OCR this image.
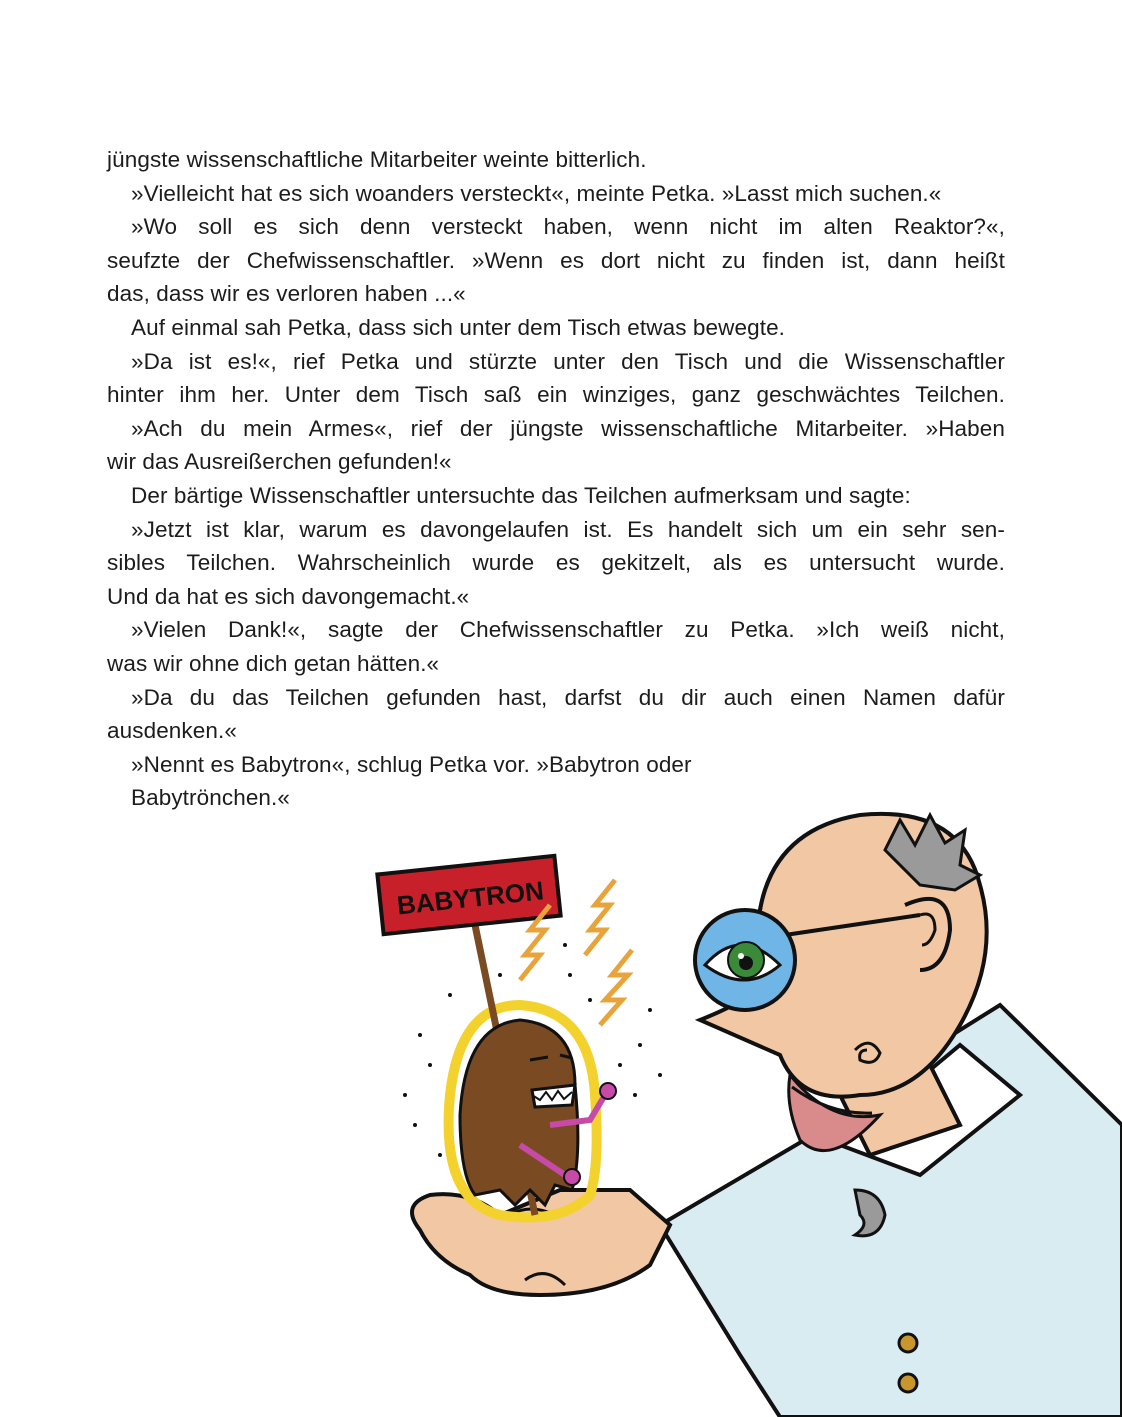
jüngste wissenschaftliche Mitarbeiter weinte bitterlich.
»Vielleicht hat es sich woanders versteckt«, meinte Petka. »Lasst mich suchen.«
»Wo soll es sich denn versteckt haben, wenn nicht im alten Reaktor?«,
seufzte der Chefwissenschaftler. »Wenn es dort nicht zu finden ist, dann heißt
das, dass wir es verloren haben ...«
Auf einmal sah Petka, dass sich unter dem Tisch etwas bewegte.
»Da ist es!«, rief Petka und stürzte unter den Tisch und die Wissenschaftler
hinter ihm her. Unter dem Tisch saß ein winziges, ganz geschwächtes Teilchen.
»Ach du mein Armes«, rief der jüngste wissenschaftliche Mitarbeiter. »Haben
wir das Ausreißerchen gefunden!«
Der bärtige Wissenschaftler untersuchte das Teilchen aufmerksam und sagte:
»Jetzt ist klar, warum es davongelaufen ist. Es handelt sich um ein sehr sen-
sibles Teilchen. Wahrscheinlich wurde es gekitzelt, als es untersucht wurde.
Und da hat es sich davongemacht.«
»Vielen Dank!«, sagte der Chefwissenschaftler zu Petka. »Ich weiß nicht,
was wir ohne dich getan hätten.«
»Da du das Teilchen gefunden hast, darfst du dir auch einen Namen dafür
ausdenken.«
»Nennt es Babytron«, schlug Petka vor. »Babytron oder
Babytrönchen.«
BABYTRON
